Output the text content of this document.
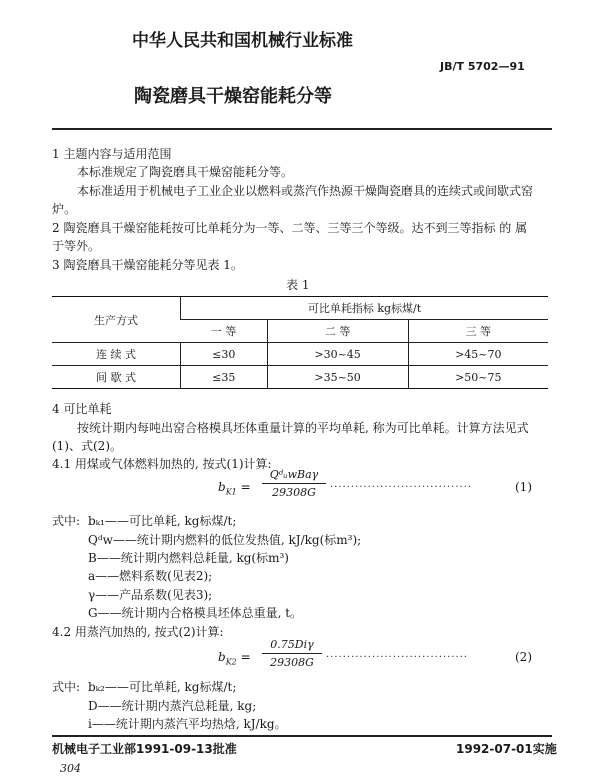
中华人民共和国机械行业标准
JB/T 5702—91
陶瓷磨具干燥窑能耗分等
1 主题内容与适用范围
本标准规定了陶瓷磨具干燥窑能耗分等。
本标准适用于机械电子工业企业以燃料或蒸汽作热源干燥陶瓷磨具的连续式或间歇式窑
炉。
2 陶瓷磨具干燥窑能耗按可比单耗分为一等、二等、三等三个等级。达不到三等指标 的 属
于等外。
3 陶瓷磨具干燥窑能耗分等见表 1。
表 1
生产方式	可比单耗指标 kg标煤/t		
	一 等	二 等	三 等
连 续 式	≤30	>30~45	>45~70
间 歇 式	≤35	>35~50	>50~75
4 可比单耗
按统计期内每吨出窑合格模具坯体重量计算的平均单耗, 称为可比单耗。计算方法见式
(1)、式(2)。
4.1 用煤或气体燃料加热的, 按式(1)计算:
$b_{K1}$ =
QᵈᵤwBaγ
29308G	··································	(1)
式中: bₖ₁——可比单耗, kg标煤/t;
Qᵈw——统计期内燃料的低位发热值, kJ/kg(标m³);
B——统计期内燃料总耗量, kg(标m³)
a——燃料系数(见表2);
γ——产品系数(见表3);
G——统计期内合格模具坯体总重量, t。
4.2 用蒸汽加热的, 按式(2)计算:
$b_{K2}$ =
0.75Diγ
29308G	··································	(2)
式中: bₖ₂——可比单耗, kg标煤/t;
D——统计期内蒸汽总耗量, kg;
i——统计期内蒸汽平均热焓, kJ/kg。
机械电子工业部1991-09-13批准	1992-07-01实施
304
